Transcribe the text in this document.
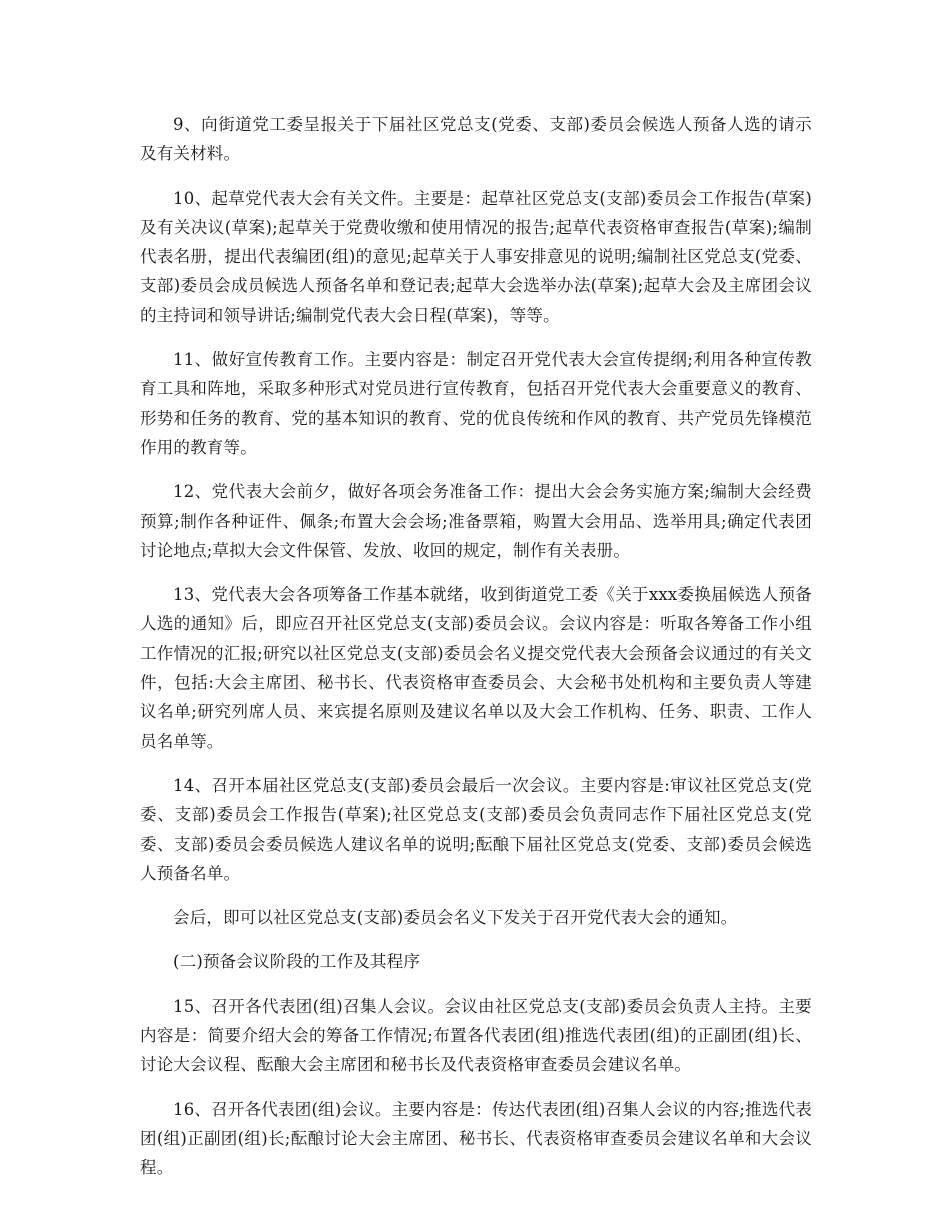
9、向街道党工委呈报关于下届社区党总支(党委、支部)委员会候选人预备人选的请示及有关材料。

10、起草党代表大会有关文件。主要是：起草社区党总支(支部)委员会工作报告(草案)及有关决议(草案);起草关于党费收缴和使用情况的报告;起草代表资格审查报告(草案);编制代表名册，提出代表编团(组)的意见;起草关于人事安排意见的说明;编制社区党总支(党委、支部)委员会成员候选人预备名单和登记表;起草大会选举办法(草案);起草大会及主席团会议的主持词和领导讲话;编制党代表大会日程(草案)，等等。

11、做好宣传教育工作。主要内容是：制定召开党代表大会宣传提纲;利用各种宣传教育工具和阵地，采取多种形式对党员进行宣传教育，包括召开党代表大会重要意义的教育、形势和任务的教育、党的基本知识的教育、党的优良传统和作风的教育、共产党员先锋模范作用的教育等。

12、党代表大会前夕，做好各项会务准备工作：提出大会会务实施方案;编制大会经费预算;制作各种证件、佩条;布置大会会场;准备票箱，购置大会用品、选举用具;确定代表团讨论地点;草拟大会文件保管、发放、收回的规定，制作有关表册。

13、党代表大会各项筹备工作基本就绪，收到街道党工委《关于xxx委换届候选人预备人选的通知》后，即应召开社区党总支(支部)委员会议。会议内容是：听取各筹备工作小组工作情况的汇报;研究以社区党总支(支部)委员会名义提交党代表大会预备会议通过的有关文件，包括:大会主席团、秘书长、代表资格审查委员会、大会秘书处机构和主要负责人等建议名单;研究列席人员、来宾提名原则及建议名单以及大会工作机构、任务、职责、工作人员名单等。

14、召开本届社区党总支(支部)委员会最后一次会议。主要内容是:审议社区党总支(党委、支部)委员会工作报告(草案);社区党总支(支部)委员会负责同志作下届社区党总支(党委、支部)委员会委员候选人建议名单的说明;酝酿下届社区党总支(党委、支部)委员会候选人预备名单。

会后，即可以社区党总支(支部)委员会名义下发关于召开党代表大会的通知。

(二)预备会议阶段的工作及其程序

15、召开各代表团(组)召集人会议。会议由社区党总支(支部)委员会负责人主持。主要内容是：简要介绍大会的筹备工作情况;布置各代表团(组)推选代表团(组)的正副团(组)长、讨论大会议程、酝酿大会主席团和秘书长及代表资格审查委员会建议名单。

16、召开各代表团(组)会议。主要内容是：传达代表团(组)召集人会议的内容;推选代表团(组)正副团(组)长;酝酿讨论大会主席团、秘书长、代表资格审查委员会建议名单和大会议程。
